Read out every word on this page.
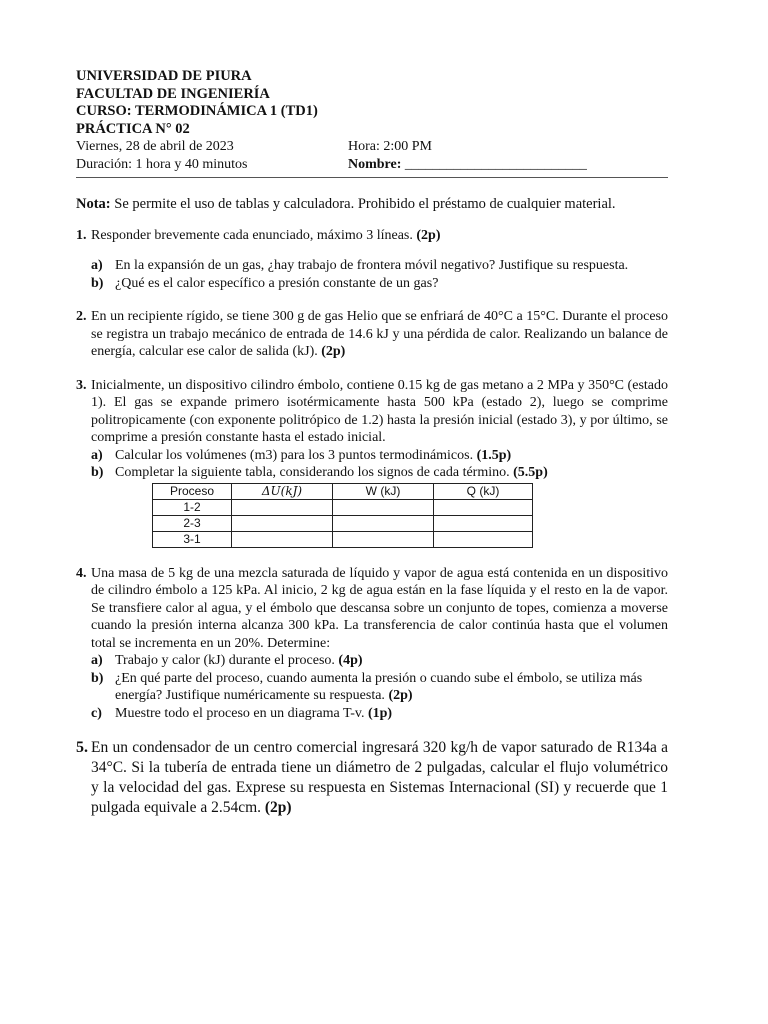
UNIVERSIDAD DE PIURA
FACULTAD DE INGENIERÍA
CURSO: TERMODINÁMICA 1 (TD1)
PRÁCTICA N° 02
Viernes, 28 de abril de 2023	Hora: 2:00 PM
Duración: 1 hora y 40 minutos	Nombre: __________________________
Nota: Se permite el uso de tablas y calculadora. Prohibido el préstamo de cualquier material.
1. Responder brevemente cada enunciado, máximo 3 líneas. (2p)
a) En la expansión de un gas, ¿hay trabajo de frontera móvil negativo? Justifique su respuesta.
b) ¿Qué es el calor específico a presión constante de un gas?
2. En un recipiente rígido, se tiene 300 g de gas Helio que se enfriará de 40°C a 15°C. Durante el proceso se registra un trabajo mecánico de entrada de 14.6 kJ y una pérdida de calor. Realizando un balance de energía, calcular ese calor de salida (kJ). (2p)
3. Inicialmente, un dispositivo cilindro émbolo, contiene 0.15 kg de gas metano a 2 MPa y 350°C (estado 1). El gas se expande primero isotérmicamente hasta 500 kPa (estado 2), luego se comprime politropicamente (con exponente politrópico de 1.2) hasta la presión inicial (estado 3), y por último, se comprime a presión constante hasta el estado inicial.
a) Calcular los volúmenes (m3) para los 3 puntos termodinámicos. (1.5p)
b) Completar la siguiente tabla, considerando los signos de cada término. (5.5p)
Proceso	ΔU(kJ)	W (kJ)	Q (kJ)
1-2			
2-3			
3-1			
4. Una masa de 5 kg de una mezcla saturada de líquido y vapor de agua está contenida en un dispositivo de cilindro émbolo a 125 kPa. Al inicio, 2 kg de agua están en la fase líquida y el resto en la de vapor. Se transfiere calor al agua, y el émbolo que descansa sobre un conjunto de topes, comienza a moverse cuando la presión interna alcanza 300 kPa. La transferencia de calor continúa hasta que el volumen total se incrementa en un 20%. Determine:
a) Trabajo y calor (kJ) durante el proceso. (4p)
b) ¿En qué parte del proceso, cuando aumenta la presión o cuando sube el émbolo, se utiliza más energía? Justifique numéricamente su respuesta. (2p)
c) Muestre todo el proceso en un diagrama T-v. (1p)
5. En un condensador de un centro comercial ingresará 320 kg/h de vapor saturado de R134a a 34°C. Si la tubería de entrada tiene un diámetro de 2 pulgadas, calcular el flujo volumétrico y la velocidad del gas. Exprese su respuesta en Sistemas Internacional (SI) y recuerde que 1 pulgada equivale a 2.54cm. (2p)
